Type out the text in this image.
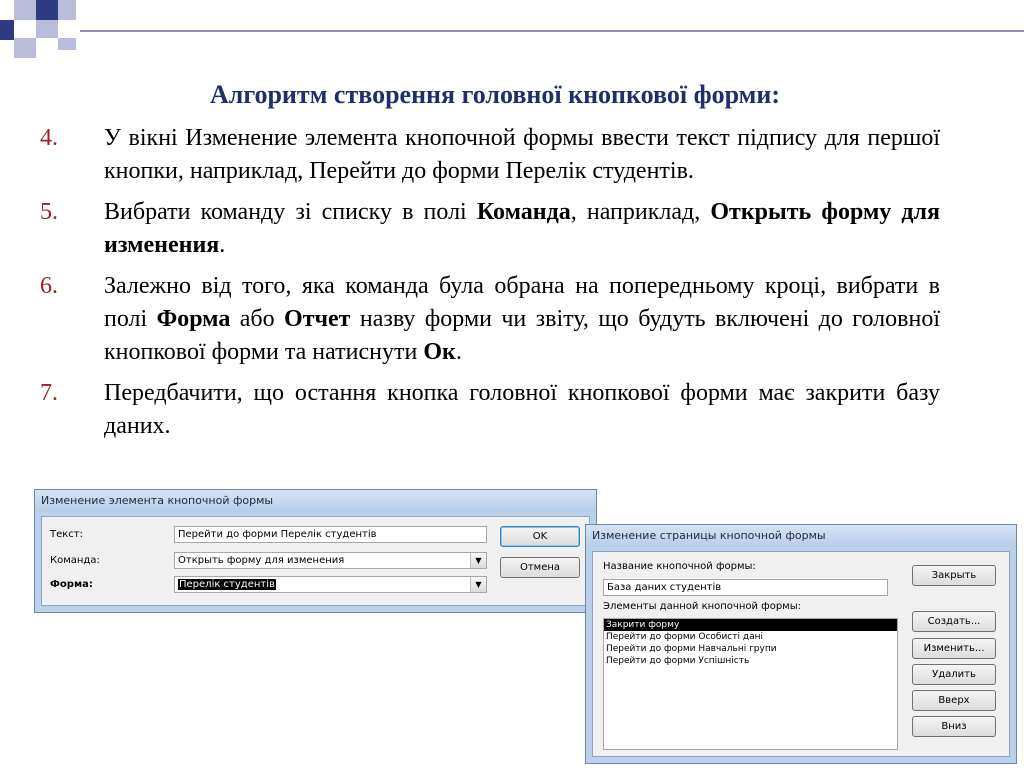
Алгоритм створення головної кнопкової форми:
4.	У вікні Изменение элемента кнопочной формы ввести текст підпису для першої кнопки, наприклад, Перейти до форми Перелік студентів.
5.	Вибрати команду зі списку в полі Команда, наприклад, Открыть форму для изменения.
6.	Залежно від того, яка команда була обрана на попередньому кроці, вибрати в полі Форма або Отчет назву форми чи звіту, що будуть включені до головної кнопкової форми та натиснути Ок.
7.	Передбачити, що остання кнопка головної кнопкової форми має закрити базу даних.
Изменение элемента кнопочной формы
Текст:	Перейти до форми Перелік студентів
Команда:	Открыть форму для изменения	▼
Форма:	Перелік студентів	▼
OK
Отмена
Изменение страницы кнопочной формы
Название кнопочной формы:
База даних студентів
Элементы данной кнопочной формы:
Закрити форму
Перейти до форми Особисті дані
Перейти до форми Навчальні групи
Перейти до форми Успішність
Закрыть
Создать...
Изменить...
Удалить
Вверх
Вниз
